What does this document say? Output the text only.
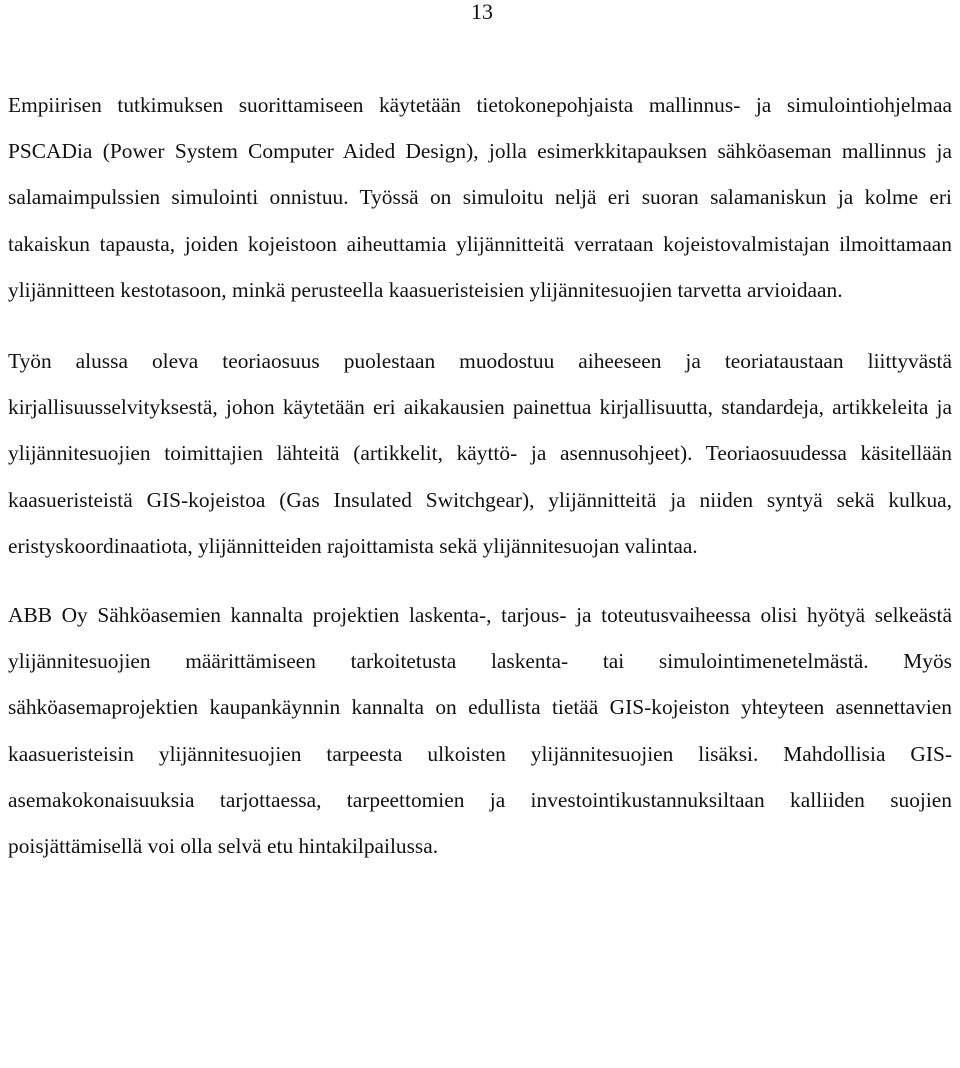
13

Empiirisen tutkimuksen suorittamiseen käytetään tietokonepohjaista mallinnus- ja simulointiohjelmaa PSCADia (Power System Computer Aided Design), jolla esimerkkitapauksen sähköaseman mallinnus ja salamaimpulssien simulointi onnistuu. Työssä on simuloitu neljä eri suoran salamaniskun ja kolme eri takaiskun tapausta, joiden kojeistoon aiheuttamia ylijännitteitä verrataan kojeistovalmistajan ilmoittamaan ylijännitteen kestotasoon, minkä perusteella kaasueristeisien ylijännitesuojien tarvetta arvioidaan.

Työn alussa oleva teoriaosuus puolestaan muodostuu aiheeseen ja teoriataustaan liittyvästä kirjallisuusselvityksestä, johon käytetään eri aikakausien painettua kirjallisuutta, standardeja, artikkeleita ja ylijännitesuojien toimittajien lähteitä (artikkelit, käyttö- ja asennusohjeet). Teoriaosuudessa käsitellään kaasueristeistä GIS-kojeistoa (Gas Insulated Switchgear), ylijännitteitä ja niiden syntyä sekä kulkua, eristyskoordinaatiota, ylijännitteiden rajoittamista sekä ylijännitesuojan valintaa.

ABB Oy Sähköasemien kannalta projektien laskenta-, tarjous- ja toteutusvaiheessa olisi hyötyä selkeästä ylijännitesuojien määrittämiseen tarkoitetusta laskenta- tai simulointimenetelmästä. Myös sähköasemaprojektien kaupankäynnin kannalta on edullista tietää GIS-kojeiston yhteyteen asennettavien kaasueristeisin ylijännitesuojien tarpeesta ulkoisten ylijännitesuojien lisäksi. Mahdollisia GIS-asemakokonaisuuksia tarjottaessa, tarpeettomien ja investointikustannuksiltaan kalliiden suojien poisjättämisellä voi olla selvä etu hintakilpailussa.
